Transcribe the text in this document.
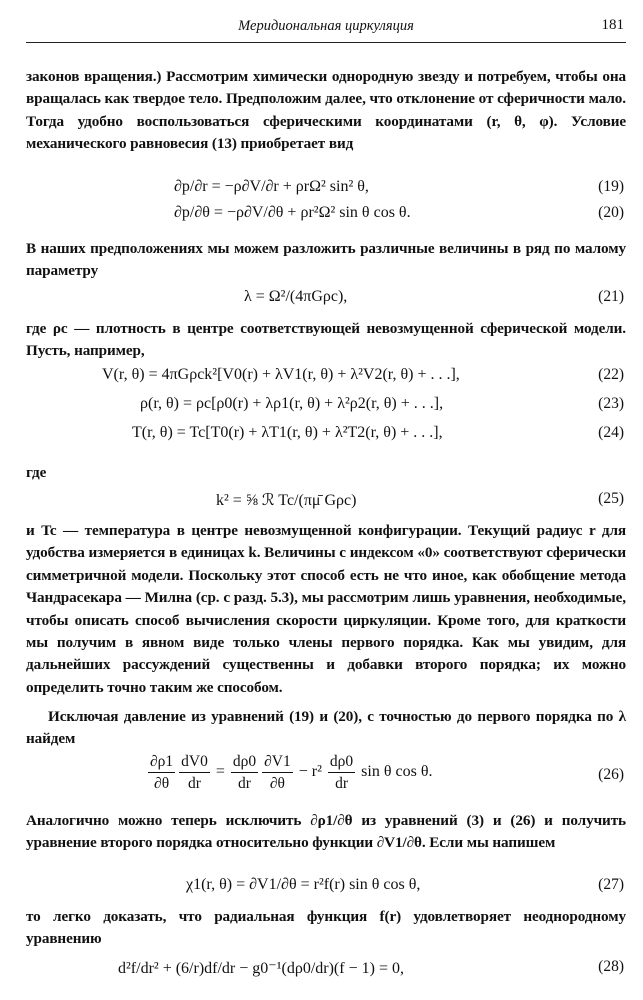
Меридиональная циркуляция	181
законов вращения.) Рассмотрим химически однородную звезду и потребуем, чтобы она вращалась как твердое тело. Предположим далее, что отклонение от сферичности мало. Тогда удобно воспользоваться сферическими координатами (r, θ, φ). Условие механического равновесия (13) приобретает вид
∂p/∂r = −ρ∂V/∂r + ρrΩ² sin² θ,	(19)
∂p/∂θ = −ρ∂V/∂θ + ρr²Ω² sin θ cos θ.	(20)
В наших предположениях мы можем разложить различные величины в ряд по малому параметру
λ = Ω²/(4πGρc),	(21)
где ρc — плотность в центре соответствующей невозмущенной сферической модели. Пусть, например,
V(r, θ) = 4πGρck²[V0(r) + λV1(r, θ) + λ²V2(r, θ) + . . .],	(22)
ρ(r, θ) = ρc[ρ0(r) + λρ1(r, θ) + λ²ρ2(r, θ) + . . .],	(23)
T(r, θ) = Tc[T0(r) + λT1(r, θ) + λ²T2(r, θ) + . . .],	(24)
где
k² = ⅝ ℛ Tc/(πμ̄ Gρc)	(25)
и Tc — температура в центре невозмущенной конфигурации. Текущий радиус r для удобства измеряется в единицах k. Величины с индексом «0» соответствуют сферически симметричной модели. Поскольку этот способ есть не что иное, как обобщение метода Чандрасекара — Милна (ср. с разд. 5.3), мы рассмотрим лишь уравнения, необходимые, чтобы описать способ вычисления скорости циркуляции. Кроме того, для краткости мы получим в явном виде только члены первого порядка. Как мы увидим, для дальнейших рассуждений существенны и добавки второго порядка; их можно определить точно таким же способом.
Исключая давление из уравнений (19) и (20), с точностью до первого порядка по λ найдем
$\frac{\partial\rho 1}{\partial\theta} \frac{dV0}{dr} = \frac{d\rho 0}{dr} \frac{\partial V1}{\partial\theta} - r^2 \frac{d\rho 0}{dr}$ sin θ cos θ.	(26)
Аналогично можно теперь исключить ∂ρ1/∂θ из уравнений (3) и (26) и получить уравнение второго порядка относительно функции ∂V1/∂θ. Если мы напишем
χ1(r, θ) = ∂V1/∂θ = r²f(r) sin θ cos θ,	(27)
то легко доказать, что радиальная функция f(r) удовлетворяет неоднородному уравнению
d²f/dr² + (6/r)df/dr − g0⁻¹(dρ0/dr)(f − 1) = 0,	(28)
